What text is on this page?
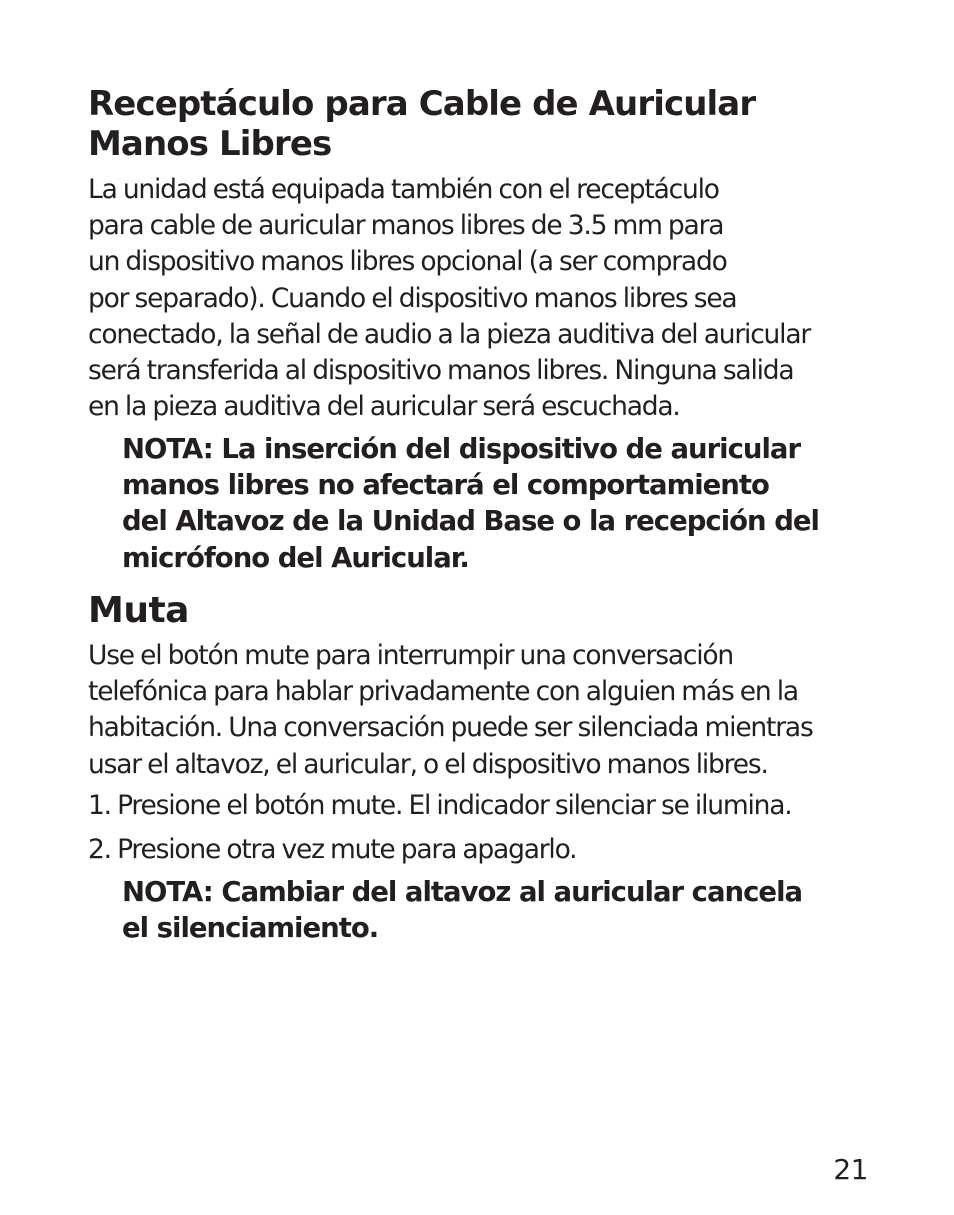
Receptáculo para Cable de Auricular
Manos Libres

La unidad está equipada también con el receptáculo
para cable de auricular manos libres de 3.5 mm para
un dispositivo manos libres opcional (a ser comprado
por separado). Cuando el dispositivo manos libres sea
conectado, la señal de audio a la pieza auditiva del auricular
será transferida al dispositivo manos libres. Ninguna salida
en la pieza auditiva del auricular será escuchada.

NOTA: La inserción del dispositivo de auricular
manos libres no afectará el comportamiento
del Altavoz de la Unidad Base o la recepción del
micrófono del Auricular.

Muta

Use el botón mute para interrumpir una conversación
telefónica para hablar privadamente con alguien más en la
habitación. Una conversación puede ser silenciada mientras
usar el altavoz, el auricular, o el dispositivo manos libres.

1. Presione el botón mute. El indicador silenciar se ilumina.

2. Presione otra vez mute para apagarlo.

NOTA: Cambiar del altavoz al auricular cancela
el silenciamiento.

21
